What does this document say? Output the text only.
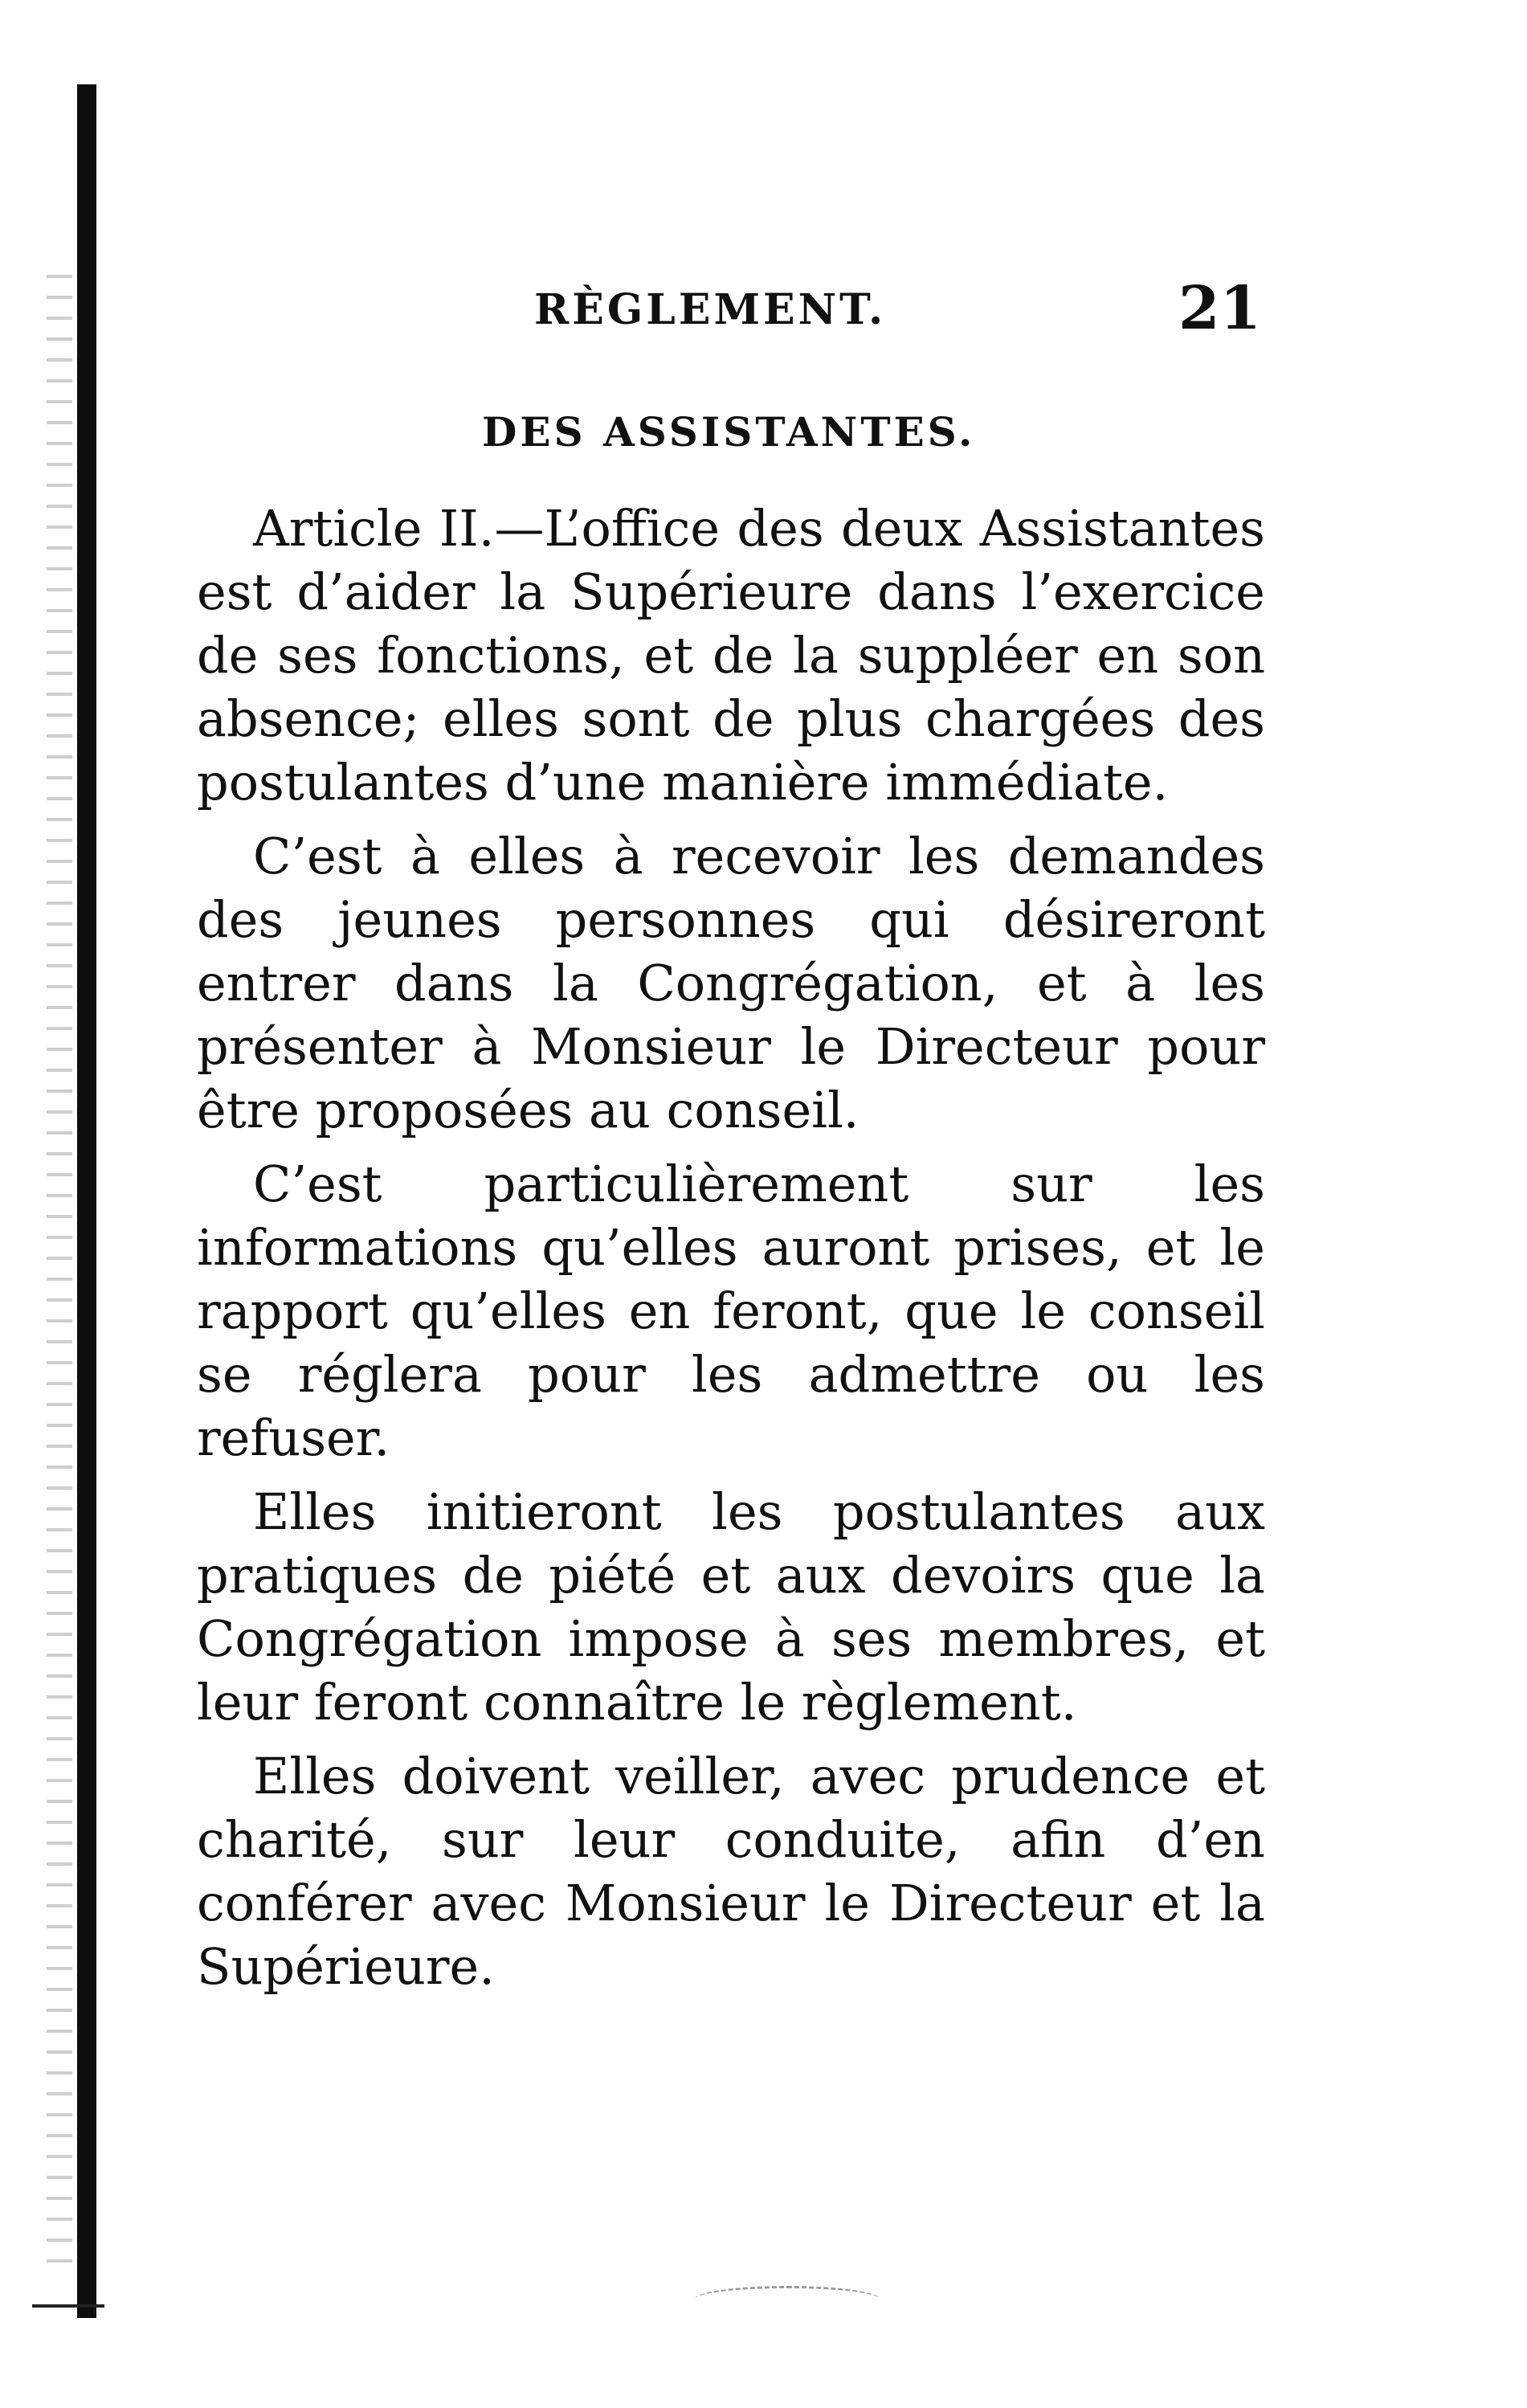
RÈGLEMENT.	21
DES ASSISTANTES.

Article II.—L’office des deux Assistantes est d’aider la Supérieure dans l’exercice de ses fonctions, et de la suppléer en son absence; elles sont de plus chargées des postulantes d’une manière immédiate.

C’est à elles à recevoir les demandes des jeunes personnes qui désireront entrer dans la Congrégation, et à les présenter à Monsieur le Directeur pour être proposées au conseil.

C’est particulièrement sur les informations qu’elles auront prises, et le rapport qu’elles en feront, que le conseil se réglera pour les admettre ou les refuser.

Elles initieront les postulantes aux pratiques de piété et aux devoirs que la Congrégation impose à ses membres, et leur feront connaître le règlement.

Elles doivent veiller, avec prudence et charité, sur leur conduite, afin d’en conférer avec Monsieur le Directeur et la Supérieure.
